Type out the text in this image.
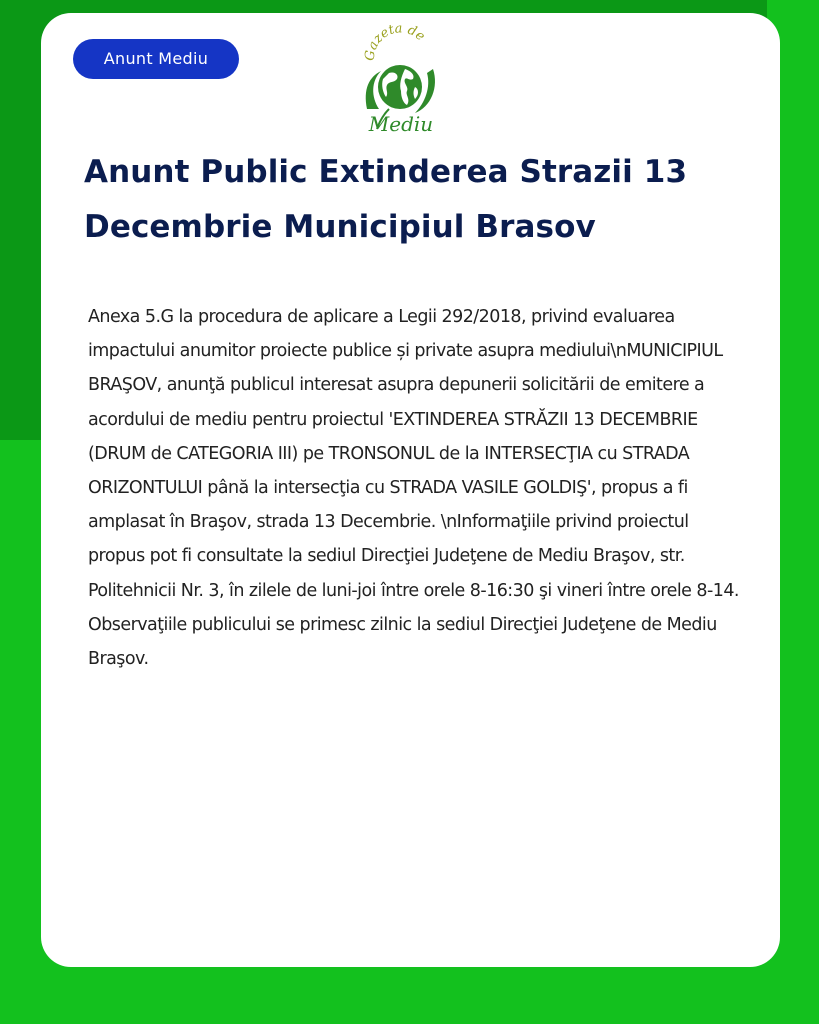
Anunt Mediu	Gazeta de
Mediu
Anunt Public Extinderea Strazii 13 Decembrie Municipiul Brasov

Anexa 5.G la procedura de aplicare a Legii 292/2018, privind evaluarea impactului anumitor proiecte publice și private asupra mediului\nMUNICIPIUL BRAŞOV, anunţă publicul interesat asupra depunerii solicitării de emitere a acordului de mediu pentru proiectul 'EXTINDEREA STRĂZII 13 DECEMBRIE (DRUM de CATEGORIA III) pe TRONSONUL de la INTERSECŢIA cu STRADA ORIZONTULUI până la intersecţia cu STRADA VASILE GOLDIŞ', propus a fi amplasat în Braşov, strada 13 Decembrie. \nInformaţiile privind proiectul propus pot fi consultate la sediul Direcţiei Judeţene de Mediu Braşov, str. Politehnicii Nr. 3, în zilele de luni-joi între orele 8-16:30 şi vineri între orele 8-14. Observaţiile publicului se primesc zilnic la sediul Direcţiei Judeţene de Mediu Braşov.
